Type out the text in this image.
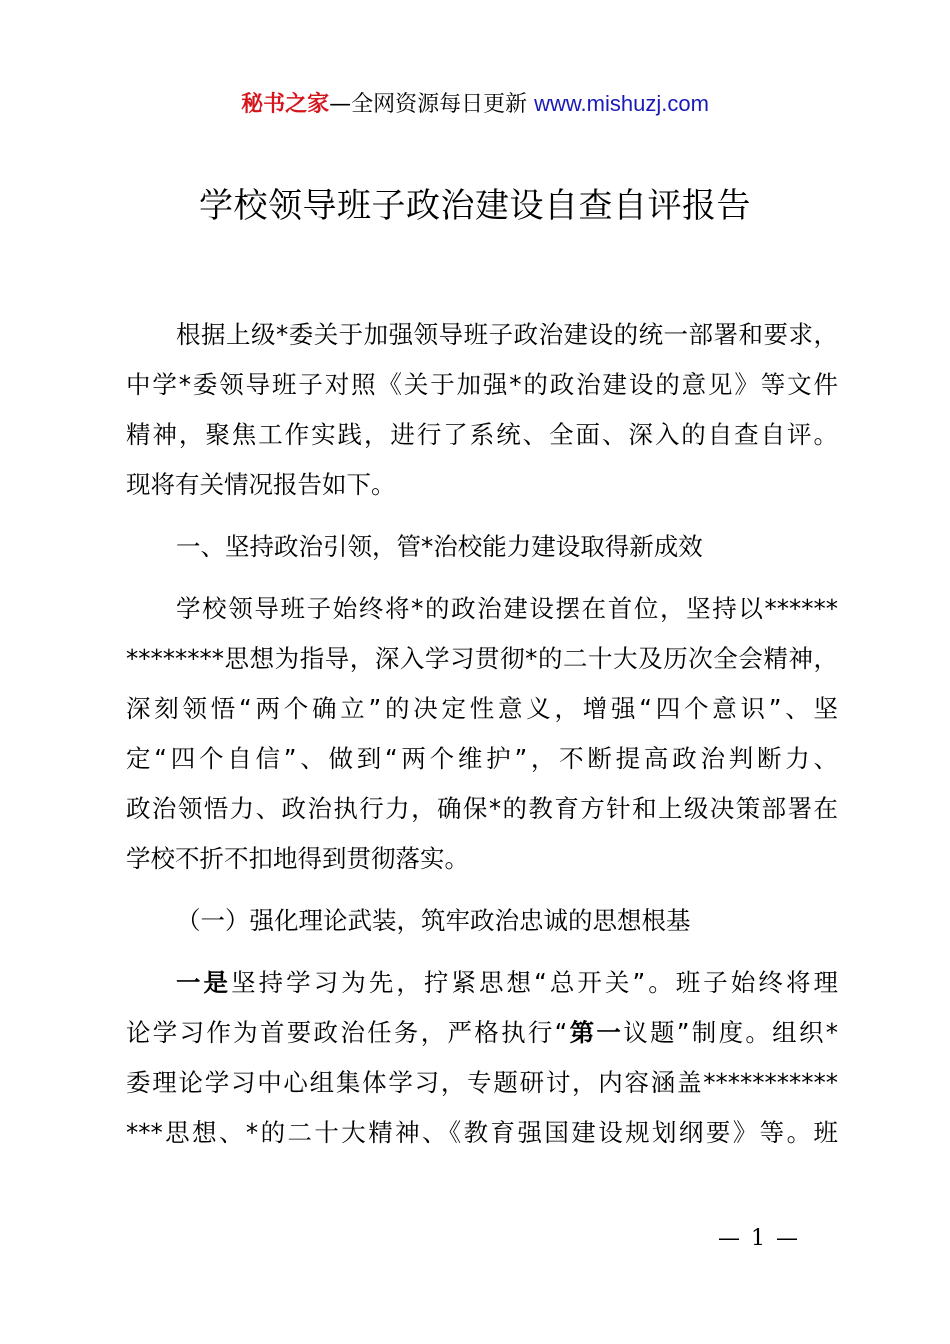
秘书之家—全网资源每日更新 www.mishuzj.com
学校领导班子政治建设自查自评报告
根据上级*委关于加强领导班子政治建设的统一部署和要求，
中学*委领导班子对照《关于加强*的政治建设的意见》等文件
精神，聚焦工作实践，进行了系统、全面、深入的自查自评。
现将有关情况报告如下。
一、坚持政治引领，管*治校能力建设取得新成效
学校领导班子始终将*的政治建设摆在首位，坚持以******
********思想为指导，深入学习贯彻*的二十大及历次全会精神，
深刻领悟“两个确立”的决定性意义，增强“四个意识”、坚
定“四个自信”、做到“两个维护”，不断提高政治判断力、
政治领悟力、政治执行力，确保*的教育方针和上级决策部署在
学校不折不扣地得到贯彻落实。
（一）强化理论武装，筑牢政治忠诚的思想根基
一是坚持学习为先，拧紧思想“总开关”。班子始终将理
论学习作为首要政治任务，严格执行“第一议题”制度。组织*
委理论学习中心组集体学习，专题研讨，内容涵盖***********
***思想、*的二十大精神、《教育强国建设规划纲要》等。班
— 1 —
